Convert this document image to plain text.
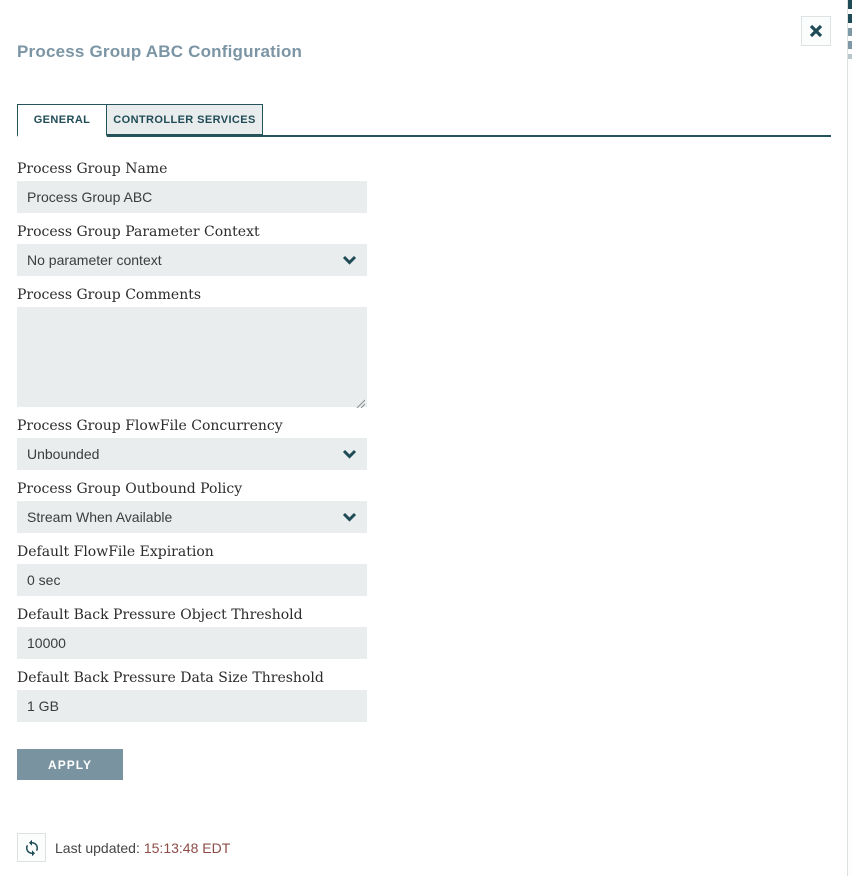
Process Group ABC Configuration
GENERAL CONTROLLER SERVICES
Process Group Name
Process Group ABC
Process Group Parameter Context
No parameter context
Process Group Comments
Process Group FlowFile Concurrency
Unbounded
Process Group Outbound Policy
Stream When Available
Default FlowFile Expiration
0 sec
Default Back Pressure Object Threshold
10000
Default Back Pressure Data Size Threshold
1 GB
APPLY
Last updated: 15:13:48 EDT
